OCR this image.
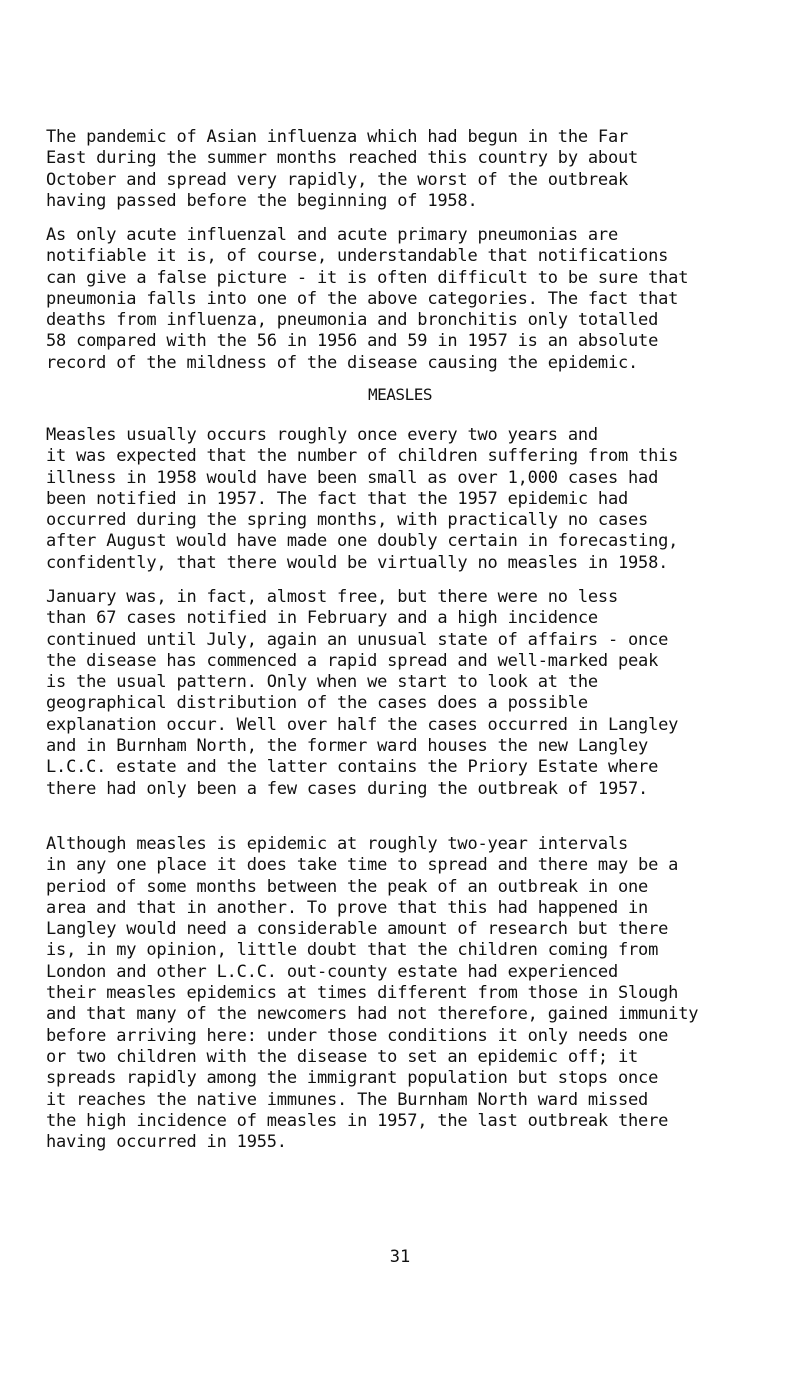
The pandemic of Asian influenza which had begun in the Far
East during the summer months reached this country by about
October and spread very rapidly, the worst of the outbreak
having passed before the beginning of 1958.

As only acute influenzal and acute primary pneumonias are
notifiable it is, of course, understandable that notifications
can give a false picture - it is often difficult to be sure that
pneumonia falls into one of the above categories. The fact that
deaths from influenza, pneumonia and bronchitis only totalled
58 compared with the 56 in 1956 and 59 in 1957 is an absolute
record of the mildness of the disease causing the epidemic.

MEASLES

Measles usually occurs roughly once every two years and
it was expected that the number of children suffering from this
illness in 1958 would have been small as over 1,000 cases had
been notified in 1957. The fact that the 1957 epidemic had
occurred during the spring months, with practically no cases
after August would have made one doubly certain in forecasting,
confidently, that there would be virtually no measles in 1958.

January was, in fact, almost free, but there were no less
than 67 cases notified in February and a high incidence
continued until July, again an unusual state of affairs - once
the disease has commenced a rapid spread and well-marked peak
is the usual pattern. Only when we start to look at the
geographical distribution of the cases does a possible
explanation occur. Well over half the cases occurred in Langley
and in Burnham North, the former ward houses the new Langley
L.C.C. estate and the latter contains the Priory Estate where
there had only been a few cases during the outbreak of 1957.

Although measles is epidemic at roughly two-year intervals
in any one place it does take time to spread and there may be a
period of some months between the peak of an outbreak in one
area and that in another. To prove that this had happened in
Langley would need a considerable amount of research but there
is, in my opinion, little doubt that the children coming from
London and other L.C.C. out-county estate had experienced
their measles epidemics at times different from those in Slough
and that many of the newcomers had not therefore, gained immunity
before arriving here: under those conditions it only needs one
or two children with the disease to set an epidemic off; it
spreads rapidly among the immigrant population but stops once
it reaches the native immunes. The Burnham North ward missed
the high incidence of measles in 1957, the last outbreak there
having occurred in 1955.

31
